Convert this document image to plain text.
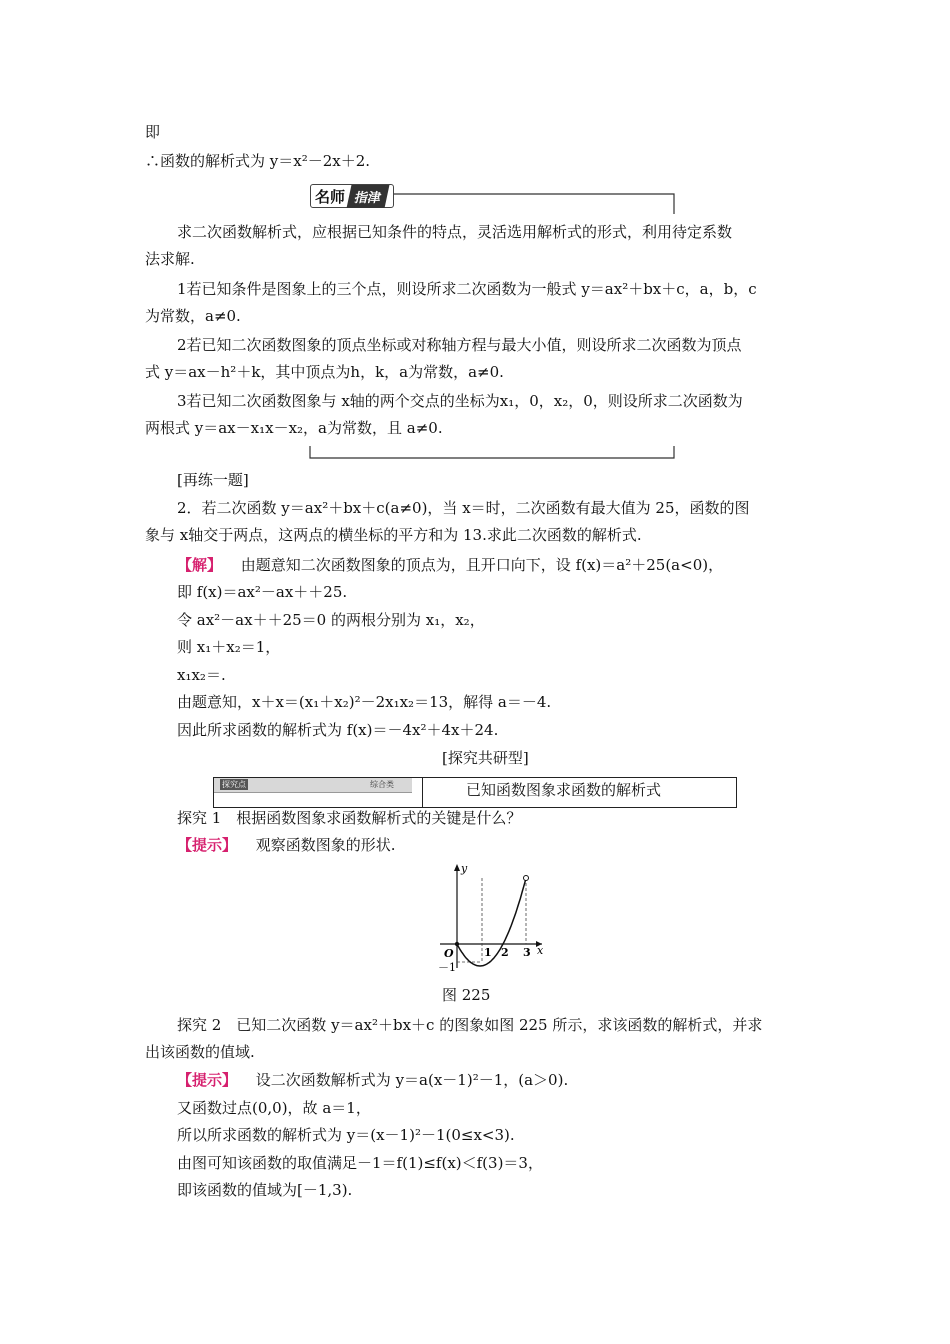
即
∴函数的解析式为 y＝x²－2x＋2.
名师 指津
求二次函数解析式，应根据已知条件的特点，灵活选用解析式的形式，利用待定系数
法求解.
1若已知条件是图象上的三个点，则设所求二次函数为一般式 y＝ax²＋bx＋c，a，b，c
为常数，a≠0.
2若已知二次函数图象的顶点坐标或对称轴方程与最大小值，则设所求二次函数为顶点
式 y＝ax－h²＋k，其中顶点为h，k，a为常数，a≠0.
3若已知二次函数图象与 x轴的两个交点的坐标为x₁，0，x₂，0，则设所求二次函数为
两根式 y＝ax－x₁x－x₂，a为常数，且 a≠0.
[再练一题]
2．若二次函数 y＝ax²＋bx＋c(a≠0)，当 x＝时，二次函数有最大值为 25，函数的图
象与 x轴交于两点，这两点的横坐标的平方和为 13.求此二次函数的解析式.
【解】 由题意知二次函数图象的顶点为，且开口向下，设 f(x)＝a²＋25(a<0)，
即 f(x)＝ax²－ax＋＋25.
令 ax²－ax＋＋25＝0 的两根分别为 x₁，x₂，
则 x₁＋x₂＝1，
x₁x₂＝.
由题意知，x＋x＝(x₁＋x₂)²－2x₁x₂＝13，解得 a＝－4.
因此所求函数的解析式为 f(x)＝－4x²＋4x＋24.
[探究共研型]
探究点	综合类	已知函数图象求函数的解析式
探究 1　根据函数图象求函数解析式的关键是什么？
【提示】 观察函数图象的形状.
x
y
O
－1
1 2 3
图 225
探究 2　已知二次函数 y＝ax²＋bx＋c 的图象如图 225 所示，求该函数的解析式，并求
出该函数的值域.
【提示】 设二次函数解析式为 y＝a(x－1)²－1，(a＞0).
又函数过点(0,0)，故 a＝1，
所以所求函数的解析式为 y＝(x－1)²－1(0≤x<3).
由图可知该函数的取值满足－1＝f(1)≤f(x)＜f(3)＝3，
即该函数的值域为[－1,3).
